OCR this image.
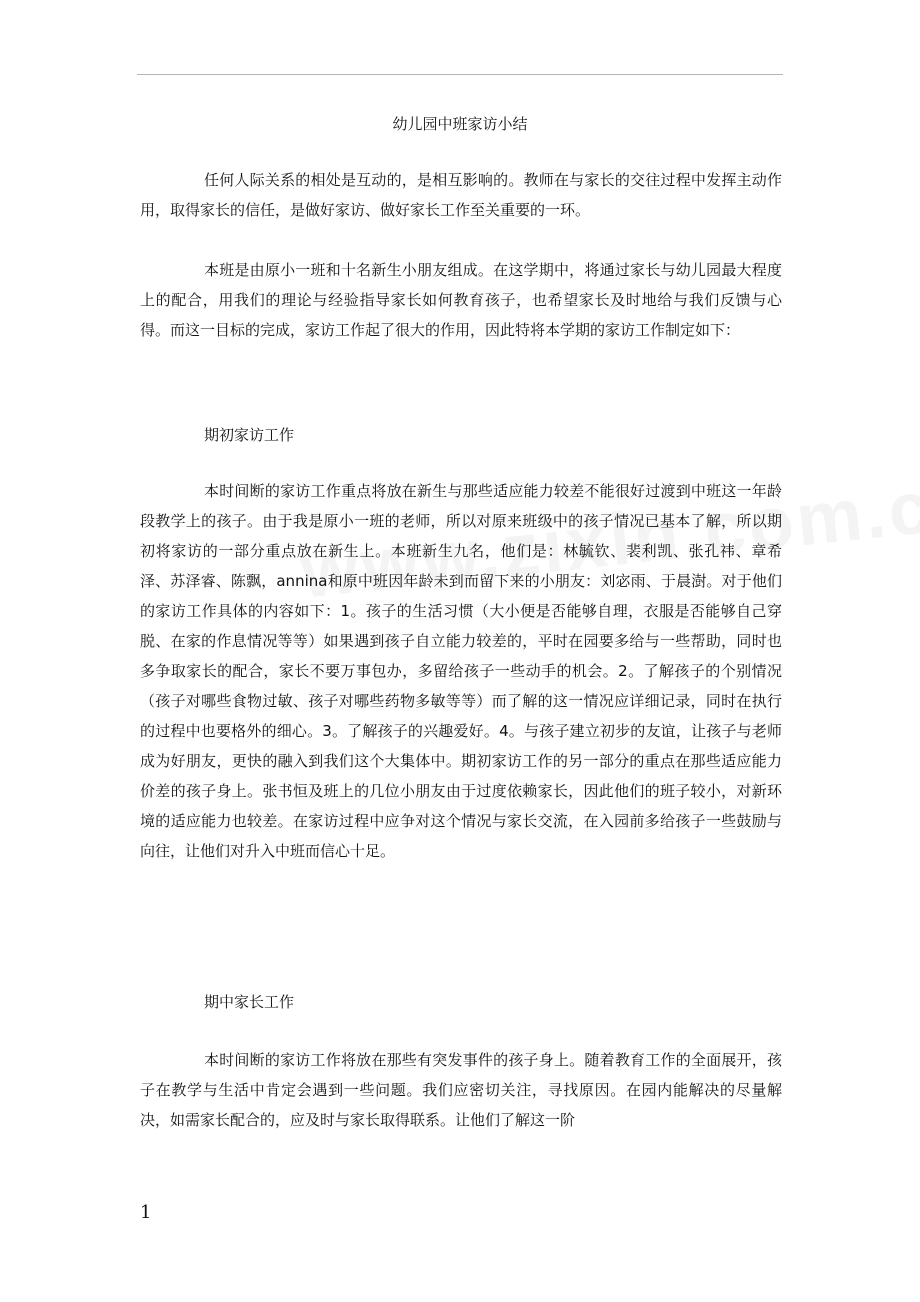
幼儿园中班家访小结

任何人际关系的相处是互动的，是相互影响的。教师在与家长的交往过程中发挥主动作用，取得家长的信任，是做好家访、做好家长工作至关重要的一环。

本班是由原小一班和十名新生小朋友组成。在这学期中，将通过家长与幼儿园最大程度上的配合，用我们的理论与经验指导家长如何教育孩子，也希望家长及时地给与我们反馈与心得。而这一目标的完成，家访工作起了很大的作用，因此特将本学期的家访工作制定如下：

期初家访工作

本时间断的家访工作重点将放在新生与那些适应能力较差不能很好过渡到中班这一年龄段教学上的孩子。由于我是原小一班的老师，所以对原来班级中的孩子情况已基本了解，所以期初将家访的一部分重点放在新生上。本班新生九名，他们是：林毓钦、裴利凯、张孔祎、章希泽、苏泽睿、陈飘，annina和原中班因年龄未到而留下来的小朋友：刘宓雨、于晨澍。对于他们的家访工作具体的内容如下：1。孩子的生活习惯（大小便是否能够自理，衣服是否能够自己穿脱、在家的作息情况等等）如果遇到孩子自立能力较差的，平时在园要多给与一些帮助，同时也多争取家长的配合，家长不要万事包办，多留给孩子一些动手的机会。2。了解孩子的个别情况（孩子对哪些食物过敏、孩子对哪些药物多敏等等）而了解的这一情况应详细记录，同时在执行的过程中也要格外的细心。3。了解孩子的兴趣爱好。4。与孩子建立初步的友谊，让孩子与老师成为好朋友，更快的融入到我们这个大集体中。期初家访工作的另一部分的重点在那些适应能力价差的孩子身上。张书恒及班上的几位小朋友由于过度依赖家长，因此他们的班子较小，对新环境的适应能力也较差。在家访过程中应争对这个情况与家长交流，在入园前多给孩子一些鼓励与向往，让他们对升入中班而信心十足。

期中家长工作

本时间断的家访工作将放在那些有突发事件的孩子身上。随着教育工作的全面展开，孩子在教学与生活中肯定会遇到一些问题。我们应密切关注，寻找原因。在园内能解决的尽量解决，如需家长配合的，应及时与家长取得联系。让他们了解这一阶

1
